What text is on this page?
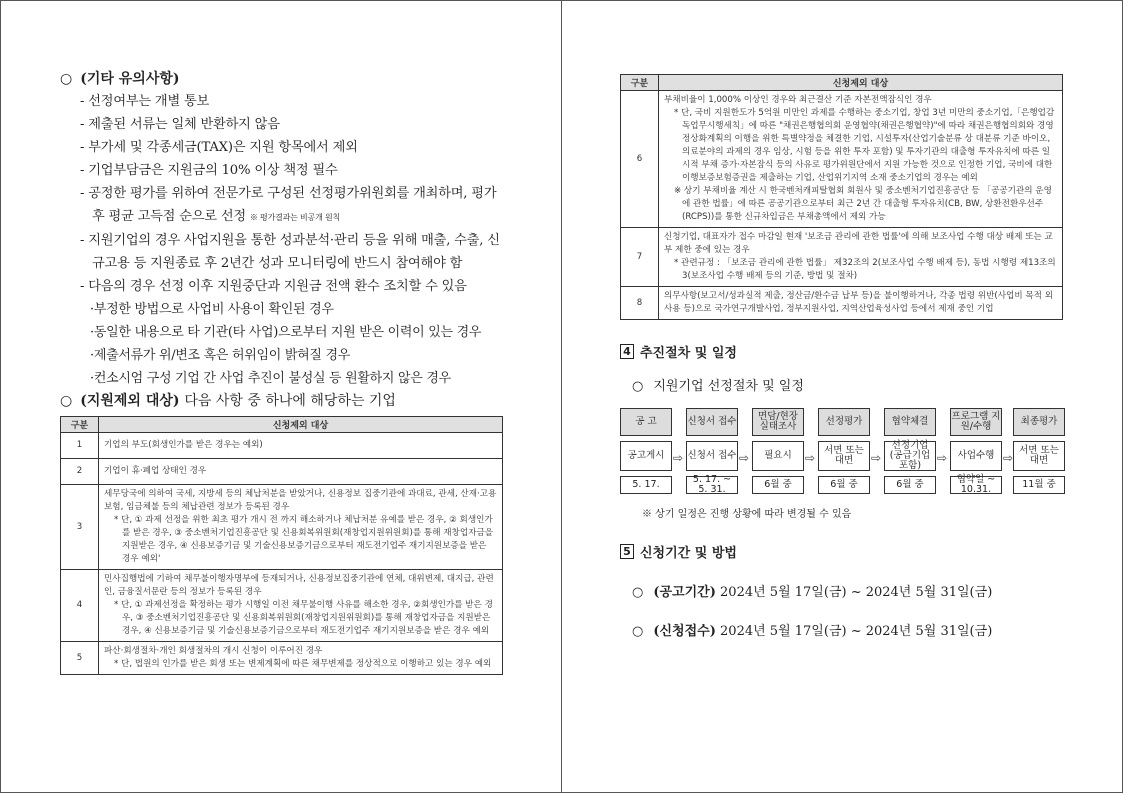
○ (기타 유의사항)
- 선정여부는 개별 통보
- 제출된 서류는 일체 반환하지 않음
- 부가세 및 각종세금(TAX)은 지원 항목에서 제외
- 기업부담금은 지원금의 10% 이상 책정 필수
- 공정한 평가를 위하여 전문가로 구성된 선정평가위원회를 개최하며, 평가 후 평균 고득점 순으로 선정 ※ 평가결과는 비공개 원칙
- 지원기업의 경우 사업지원을 통한 성과분석·관리 등을 위해 매출, 수출, 신규고용 등 지원종료 후 2년간 성과 모니터링에 반드시 참여해야 함
- 다음의 경우 선정 이후 지원중단과 지원금 전액 환수 조치할 수 있음
·부정한 방법으로 사업비 사용이 확인된 경우
·동일한 내용으로 타 기관(타 사업)으로부터 지원 받은 이력이 있는 경우
·제출서류가 위/변조 혹은 허위임이 밝혀질 경우
·컨소시엄 구성 기업 간 사업 추진이 불성실 등 원활하지 않은 경우
○ (지원제외 대상) 다음 사항 중 하나에 해당하는 기업
구분	신청제외 대상
1	기업의 부도(회생인가를 받은 경우는 예외)
2	기업이 휴·폐업 상태인 경우
3	세무당국에 의하여 국세, 지방세 등의 체납처분을 받았거나, 신용정보 집중기관에 과대료, 관세, 산재·고용보험, 임금체불 등의 체납관련 정보가 등록된 경우
* 단, ① 과제 선정을 위한 최초 평가 개시 전 까지 해소하거나 체납처분 유예를 받은 경우, ② 회생인가를 받은 경우, ③ 중소벤처기업진흥공단 및 신용회복위원회(재창업지원위원회)를 통해 재창업자금을 지원받은 경우, ④ 신용보증기금 및 기술신용보증기금으로부터 재도전기업주 재기지원보증을 받은 경우 예외'

4	민사집행법에 기하여 채무불이행자명부에 등재되거나, 신용정보집중기관에 연체, 대위변제, 대지급, 관련인, 금융질서문란 등의 정보가 등록된 경우
* 단, ① 과제선정을 확정하는 평가 시행일 이전 채무불이행 사유를 해소한 경우, ②회생인가를 받은 경우, ③ 중소벤처기업진흥공단 및 신용회복위원회(재창업지원위원회)를 통해 재창업자금을 지원받은 경우, ④ 신용보증기금 및 기술신용보증기금으로부터 재도전기업주 재기지원보증을 받은 경우 예외

5	파산·회생절차·개인 회생절차의 개시 신청이 이루어진 경우
* 단, 법원의 인가를 받은 회생 또는 변제계획에 따른 채무변제를 정상적으로 이행하고 있는 경우 예외
구분	신청제외 대상
6	부채비율이 1,000% 이상인 경우와 최근결산 기준 자본전액잠식인 경우
* 단, 국비 지원한도가 5억원 미만인 과제를 수행하는 중소기업, 창업 3년 미만의 중소기업,「은행업감독업무시행세칙」에 따른 "채권은행협의회 운영협약(채권은행협약)"에 따라 채권은행협의회와 경영정상화계획의 이행을 위한 특별약정을 체결한 기업, 시설투자(산업기술분류 상 대분류 기준 바이오,의료분야의 과제의 경우 임상, 시험 등을 위한 투자 포함) 및 투자기관의 대출형 투자유치에 따른 일시적 부채 증가·자본잠식 등의 사유로 평가위원단에서 지원 가능한 것으로 인정한 기업, 국비에 대한 이행보증보험증권을 제출하는 기업, 산업위기지역 소재 중소기업의 경우는 예외
※ 상기 부채비율 계산 시 한국벤처캐피탈협회 회원사 및 중소벤처기업진흥공단 등 「공공기관의 운영에 관한 법률」에 따른 공공기관으로부터 최근 2년 간 대출형 투자유치(CB, BW, 상환전환우선주(RCPS))를 통한 신규차입금은 부채총액에서 제외 가능

7	신청기업, 대표자가 접수 마감일 현재 '보조금 관리에 관한 법률'에 의해 보조사업 수행 대상 배제 또는 교부 제한 중에 있는 경우
* 관련규정 : 「보조금 관리에 관한 법률」 제32조의 2(보조사업 수행 배제 등), 동법 시행령 제13조의3(보조사업 수행 배제 등의 기준, 방법 및 절차)

8	의무사항(보고서/성과실적 제출, 정산금/환수금 납부 등)을 불이행하거나, 각종 법령 위반(사업비 목적 외 사용 등)으로 국가연구개발사업, 정부지원사업, 지역산업육성사업 등에서 제재 중인 기업
4 추진절차 및 일정
○ 지원기업 선정절차 및 일정
공 고
공고게시
5. 17.
⇨
신청서 접수
신청서 접수
5. 17. ~ 5. 31.
⇨
면담/현장 실태조사
필요시
6월 중
⇨
선정평가
서면 또는 대면
6월 중
⇨
협약체결
선정기업 (공급기업 포함)
6월 중
⇨
프로그램 지원/수행
사업수행
협약일 ~ 10.31.
⇨
최종평가
서면 또는 대면
11월 중
※ 상기 일정은 진행 상황에 따라 변경될 수 있음
5 신청기간 및 방법
○ (공고기간) 2024년 5월 17일(금) ~ 2024년 5월 31일(금)
○ (신청접수) 2024년 5월 17일(금) ~ 2024년 5월 31일(금)
